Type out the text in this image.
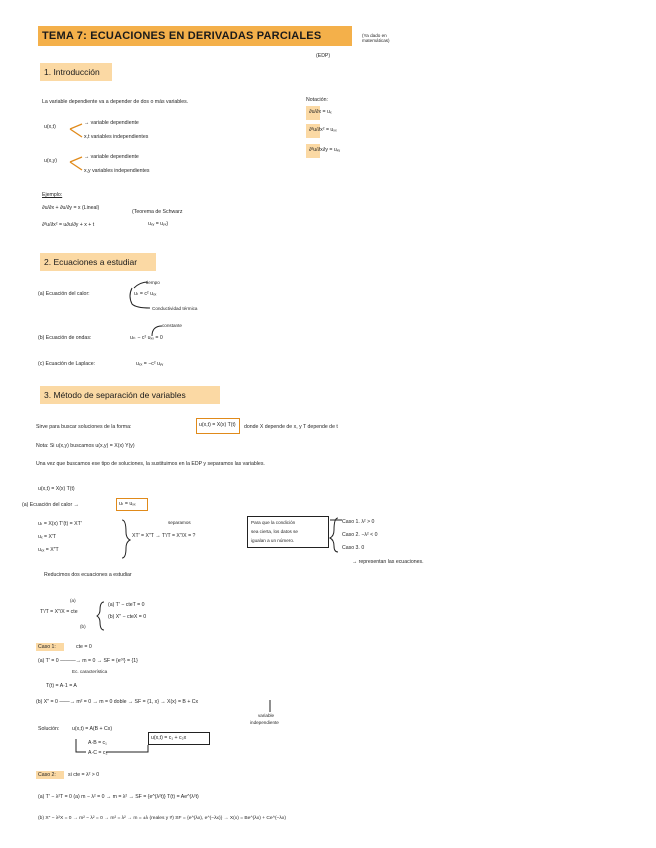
TEMA 7: ECUACIONES EN DERIVADAS PARCIALES	(Ya dado en matemáticas)
(EDP)
1. Introducción
La variable dependiente va a depender de dos o más variables.
u(x,t)
→ variable dependiente
x,t variables independientes
u(x,y)
→ variable dependiente
x,y variables independientes
Notación:
∂u/∂x = uₓ
∂²u/∂x² = uₓₓ
∂²u/∂x∂y = uₓᵧ
Ejemplo:
∂u/∂x + ∂u/∂y = x (Lineal)
∂²u/∂x² = u∂u/∂y + x + t
(Teorema de Schwarz
uₓᵧ = uᵧₓ)
2. Ecuaciones a estudiar
(a) Ecuación del calor:	uₜ = c² uₓₓ
tiempo
Conductividad térmica
(b) Ecuación de ondas:	uₜₜ − c² uₓₓ = 0
constante
(c) Ecuación de Laplace:	uₓₓ = −c² uᵧᵧ
3. Método de separación de variables
Sirve para buscar soluciones de la forma:	u(x,t) = X(x) T(t) donde X depende de x, y T depende de t
Nota: Si u(x,y) buscamos u(x,y) = X(x) Y(y)
Una vez que buscamos ese tipo de soluciones, la sustituimos en la EDP y separamos las variables.
u(x,t) = X(x) T(t)
(a) Ecuación del calor →	uₜ = uₓₓ
uₜ = X(x) T′(t) = XT′
uₓ = X′T
uₓₓ = X″T
separamos
XT′ = X″T → T′/T = X″/X = ?
Para que la condición
sea cierta, los datos se
igualan a un número.
Caso 1. λ² > 0
Caso 2. −λ² < 0
Caso 3. 0
→ representan las ecuaciones.
Reducimos dos ecuaciones a estudiar
(a)
T′/T = X″/X = cte
(b)
(a) T′ − cteT = 0
(b) X″ − cteX = 0
Caso 1:	cte = 0
(a) T′ = 0 ———→ m = 0 → SF = {e⁰ᵗ} = {1}
Ec. característica
T(t) = A·1 = A
(b) X″ = 0 ——→ m² = 0 → m = 0 doble → SF = {1, x} → X(x) = B + Cx
variable
independiente
Solución: u(x,t) = A(B + Cx)
A·B = c₁
A·C = c₂
u(x,t) = c₁ + c₂x
Caso 2: si cte = λ² > 0
(a) T′ − λ²T = 0 (a) m − λ² = 0 → m = λ² → SF = {e^(λ²t)} T(t) = Ae^(λ²t)
(b) X″ − λ²X = 0 → m² − λ² = 0 → m² = λ² → m = ±λ (reales y ≠) SF = {e^(λx), e^(−λx)} → X(x) = Be^(λx) + Ce^(−λx)
